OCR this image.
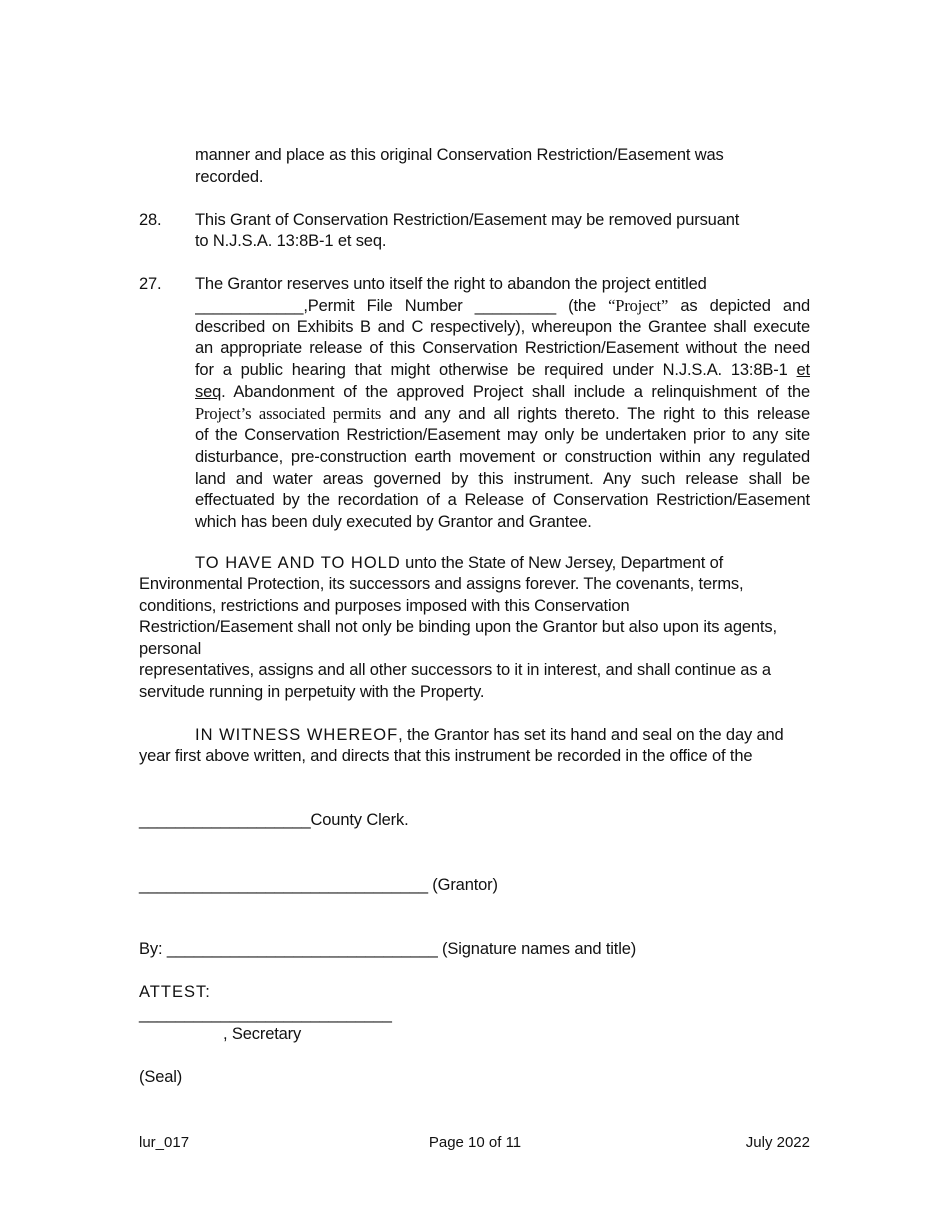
manner and place as this original Conservation Restriction/Easement was
recorded.
28. This Grant of Conservation Restriction/Easement may be removed pursuant
to N.J.S.A. 13:8B-1 et seq.
27. The Grantor reserves unto itself the right to abandon the project entitled
____________,Permit File Number _________ (the “Project” as depicted and
described on Exhibits B and C respectively), whereupon the Grantee shall execute
an appropriate release of this Conservation Restriction/Easement without the need
for a public hearing that might otherwise be required under N.J.S.A. 13:8B-1 et
seq. Abandonment of the approved Project shall include a relinquishment of the
Project’s associated permits and any and all rights thereto. The right to this release
of the Conservation Restriction/Easement may only be undertaken prior to any site
disturbance, pre-construction earth movement or construction within any regulated
land and water areas governed by this instrument. Any such release shall be
effectuated by the recordation of a Release of Conservation Restriction/Easement
which has been duly executed by Grantor and Grantee.
TO HAVE AND TO HOLD unto the State of New Jersey, Department of
Environmental Protection, its successors and assigns forever. The covenants, terms,
conditions, restrictions and purposes imposed with this Conservation
Restriction/Easement shall not only be binding upon the Grantor but also upon its agents,
personal
representatives, assigns and all other successors to it in interest, and shall continue as a
servitude running in perpetuity with the Property.
IN WITNESS WHEREOF, the Grantor has set its hand and seal on the day and
year first above written, and directs that this instrument be recorded in the office of the
___________________County Clerk.
________________________________ (Grantor)
By: ______________________________ (Signature names and title)
ATTEST:
____________________________
, Secretary
(Seal)
lur_017	Page 10 of 11	July 2022
